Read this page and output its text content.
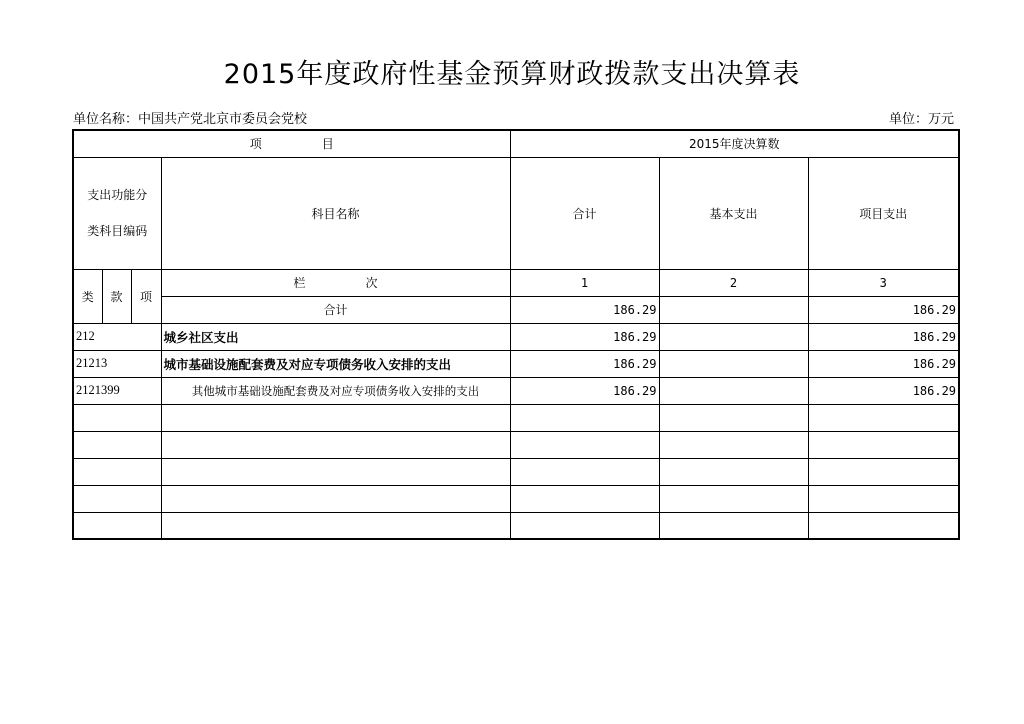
2015年度政府性基金预算财政拨款支出决算表
单位名称：中国共产党北京市委员会党校	单位：万元
项　　　　　目				2015年度决算数		

支出功能分
类科目编码			科目名称	合计	基本支出	项目支出
类	款	项	栏　　　　　次	1	2	3
			合计	186.29		186.29
212			城乡社区支出	186.29		186.29
21213			城市基础设施配套费及对应专项债务收入安排的支出	186.29		186.29
2121399			其他城市基础设施配套费及对应专项债务收入安排的支出	186.29		186.29
